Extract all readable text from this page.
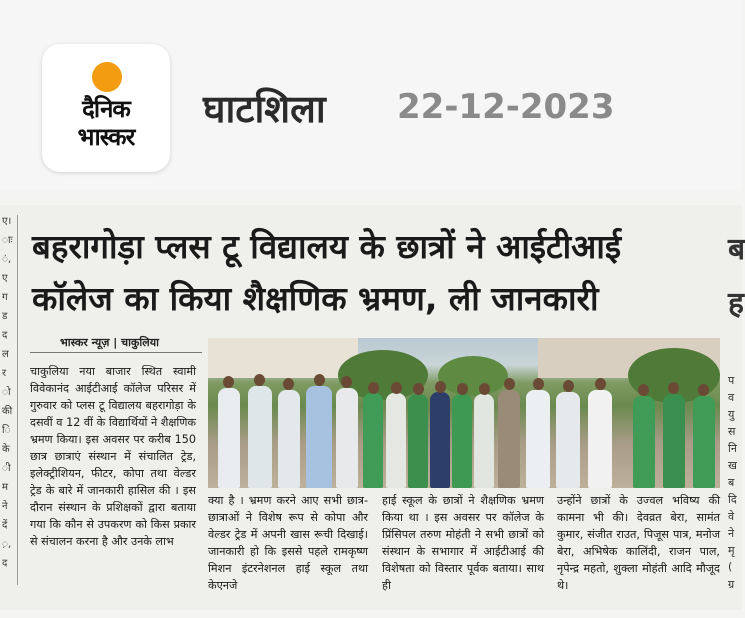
दैनिक
भास्कर
घाटशिला 22-12-2023
ए।
ाः
ं,
ए
ग
ड
द
ल
र
ो
की
ि
के
ी
म
ने
दें
़,
द
बहरागोड़ा प्लस टू विद्यालय के छात्रों ने आईटीआई
कॉलेज का किया शैक्षणिक भ्रमण, ली जानकारी
भास्कर न्यूज़ | चाकुलिया

चाकुलिया नया बाजार स्थित स्वामी विवेकानंद आईटीआई कॉलेज परिसर में गुरुवार को प्लस टू विद्यालय बहरागोड़ा के दसवीं व 12 वीं के विद्यार्थियों ने शैक्षणिक भ्रमण किया। इस अवसर पर करीब 150 छात्र छात्राएं संस्थान में संचालित ट्रेड, इलेक्ट्रीशियन, फीटर, कोपा तथा वेल्डर ट्रेड के बारे में जानकारी हासिल की । इस दौरान संस्थान के प्रशिक्षकों द्वारा बताया गया कि कौन से उपकरण को किस प्रकार से संचालन करना है और उनके लाभ

क्या है । भ्रमण करने आए सभी छात्र-छात्राओं ने विशेष रूप से कोपा और वेल्डर ट्रेड में अपनी खास रूची दिखाई। जानकारी हो कि इससे पहले रामकृष्ण मिशन इंटरनेशनल हाई स्कूल तथा केएनजे

हाई स्कूल के छात्रों ने शैक्षणिक भ्रमण किया था । इस अवसर पर कॉलेज के प्रिंसिपल तरुण मोहंती ने सभी छात्रों को संस्थान के सभागार में आईटीआई की विशेषता को विस्तार पूर्वक बताया। साथ ही

उन्होंने छात्रों के उज्वल भविष्य की कामना भी की। देवव्रत बेरा, सामंत कुमार, संजीत राउत, पिजूस पात्र, मनोज बेरा, अभिषेक कालिंदी, राजन पाल, नृपेन्द्र महतो, शुक्ला मोहंती आदि मौजूद थे।

ब
ह
प
व
यु
स
नि
ख
ब
दि
वे
ने
मृ
(
ग्र
